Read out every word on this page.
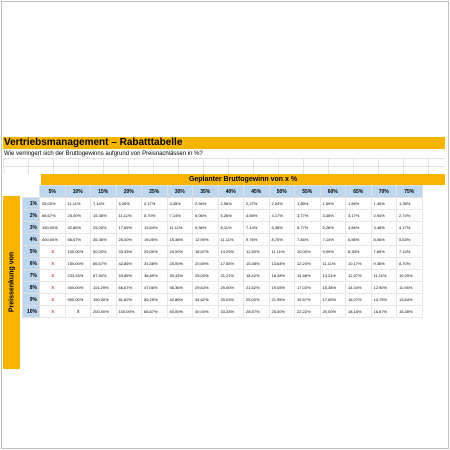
Vertriebsmanagement – Rabatttabelle
Wie verringert sich der Bruttogewinns aufgrund von Preisnachlässen in %?
Geplanter Bruttogewinn von x %
Preissenkung von
	5%	10%	15%	20%	25%	30%	35%	40%	45%	50%	55%	60%	65%	70%	75%
1%	25,00%	11,11%	7,14%	5,26%	4,17%	3,45%	2,94%	2,56%	2,27%	2,04%	1,85%	1,69%	1,56%	1,45%	1,35%
2%	66,67%	25,00%	15,38%	11,11%	8,70%	7,14%	6,06%	5,26%	4,65%	4,17%	3,77%	3,45%	3,17%	2,94%	2,74%
3%	150,00%	42,86%	25,00%	17,65%	13,64%	11,11%	9,38%	8,11%	7,14%	6,38%	5,77%	5,26%	4,84%	4,48%	4,17%
4%	400,00%	66,67%	36,36%	25,00%	19,05%	15,38%	12,90%	11,11%	9,76%	8,70%	7,84%	7,14%	6,56%	6,06%	5,63%
5%	x	100,00%	50,00%	33,33%	25,00%	20,00%	16,67%	14,29%	12,50%	11,11%	10,00%	9,09%	8,33%	7,69%	7,14%
6%	x	150,00%	66,67%	42,86%	31,58%	25,00%	20,69%	17,65%	15,38%	13,64%	12,24%	11,11%	10,17%	9,38%	8,70%
7%	x	233,33%	87,50%	53,85%	38,89%	30,43%	25,00%	21,21%	18,42%	16,28%	14,58%	13,21%	12,07%	11,11%	10,29%
8%	x	400,00%	114,29%	66,67%	47,06%	36,36%	29,63%	25,00%	21,62%	19,05%	17,02%	15,38%	14,04%	12,90%	11,94%
9%	x	900,00%	150,00%	81,82%	56,25%	42,86%	34,62%	29,03%	25,00%	21,95%	19,57%	17,65%	16,07%	14,75%	13,64%
10%	x	x	200,00%	100,00%	66,67%	50,00%	40,00%	33,33%	28,57%	25,00%	22,22%	20,00%	18,18%	16,67%	15,38%
